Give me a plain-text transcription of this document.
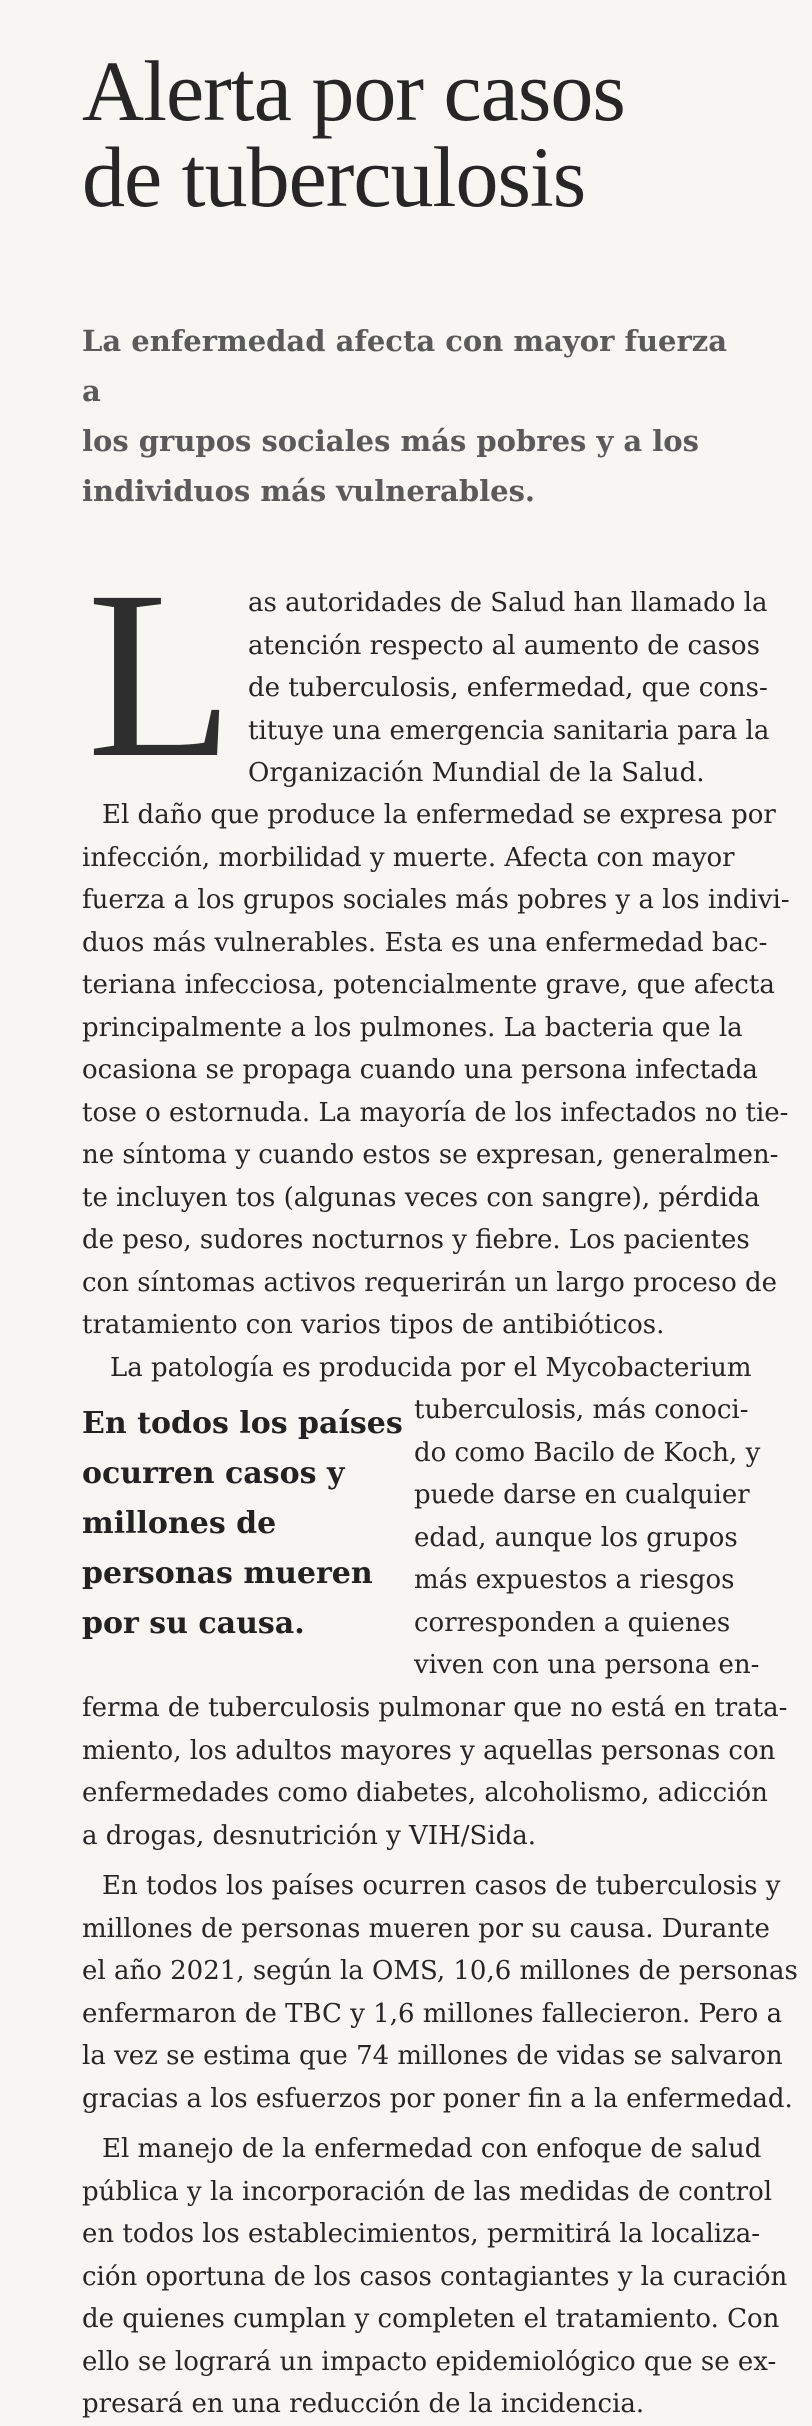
Alerta por casos
de tuberculosis
La enfermedad afecta con mayor fuerza a
los grupos sociales más pobres y a los
individuos más vulnerables.
L as autoridades de Salud han llamado la
atención respecto al aumento de casos
de tuberculosis, enfermedad, que cons-
tituye una emergencia sanitaria para la
Organización Mundial de la Salud.
El daño que produce la enfermedad se expresa por
infección, morbilidad y muerte. Afecta con mayor
fuerza a los grupos sociales más pobres y a los indivi-
duos más vulnerables. Esta es una enfermedad bac-
teriana infecciosa, potencialmente grave, que afecta
principalmente a los pulmones. La bacteria que la
ocasiona se propaga cuando una persona infectada
tose o estornuda. La mayoría de los infectados no tie-
ne síntoma y cuando estos se expresan, generalmen-
te incluyen tos (algunas veces con sangre), pérdida
de peso, sudores nocturnos y fiebre. Los pacientes
con síntomas activos requerirán un largo proceso de
tratamiento con varios tipos de antibióticos.
La patología es producida por el Mycobacterium
En todos los países
ocurren casos y
millones de
personas mueren
por su causa.
tuberculosis, más conoci-
do como Bacilo de Koch, y
puede darse en cualquier
edad, aunque los grupos
más expuestos a riesgos
corresponden a quienes
viven con una persona en-
ferma de tuberculosis pulmonar que no está en trata-
miento, los adultos mayores y aquellas personas con
enfermedades como diabetes, alcoholismo, adicción
a drogas, desnutrición y VIH/Sida.
En todos los países ocurren casos de tuberculosis y
millones de personas mueren por su causa. Durante
el año 2021, según la OMS, 10,6 millones de personas
enfermaron de TBC y 1,6 millones fallecieron. Pero a
la vez se estima que 74 millones de vidas se salvaron
gracias a los esfuerzos por poner fin a la enfermedad.
El manejo de la enfermedad con enfoque de salud
pública y la incorporación de las medidas de control
en todos los establecimientos, permitirá la localiza-
ción oportuna de los casos contagiantes y la curación
de quienes cumplan y completen el tratamiento. Con
ello se logrará un impacto epidemiológico que se ex-
presará en una reducción de la incidencia.
